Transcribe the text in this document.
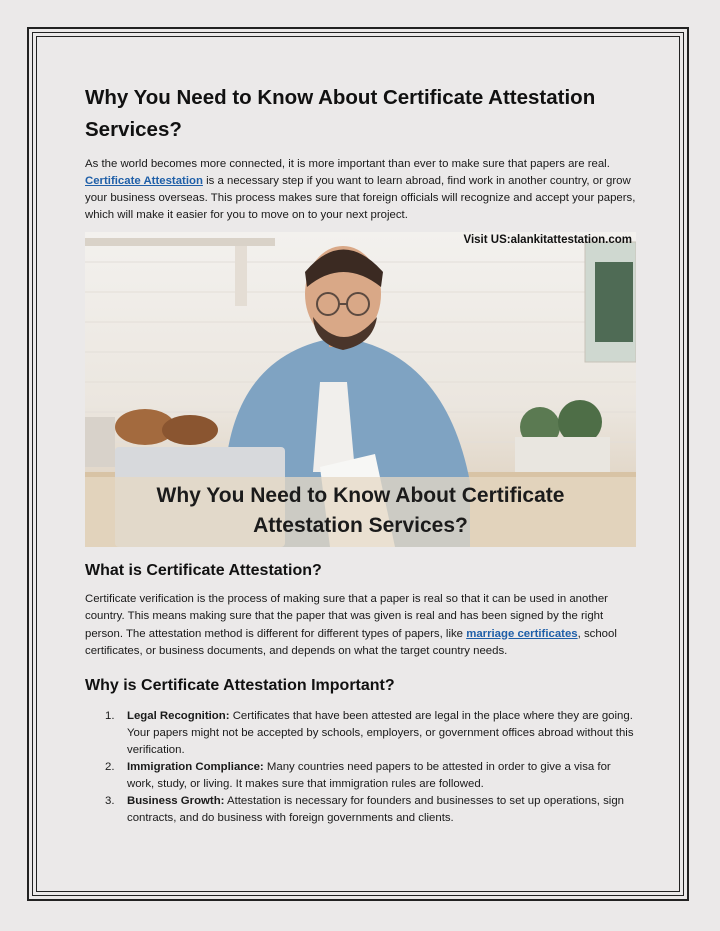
Why You Need to Know About Certificate Attestation Services?

As the world becomes more connected, it is more important than ever to make sure that papers are real. Certificate Attestation is a necessary step if you want to learn abroad, find work in another country, or grow your business overseas. This process makes sure that foreign officials will recognize and accept your papers, which will make it easier for you to move on to your next project.

Visit US:alankitattestation.com
Why You Need to Know About Certificate
Attestation Services?
What is Certificate Attestation?

Certificate verification is the process of making sure that a paper is real so that it can be used in another country. This means making sure that the paper that was given is real and has been signed by the right person. The attestation method is different for different types of papers, like marriage certificates, school certificates, or business documents, and depends on what the target country needs.

Why is Certificate Attestation Important?
1. Legal Recognition: Certificates that have been attested are legal in the place where they are going. Your papers might not be accepted by schools, employers, or government offices abroad without this verification.
2. Immigration Compliance: Many countries need papers to be attested in order to give a visa for work, study, or living. It makes sure that immigration rules are followed.
3. Business Growth: Attestation is necessary for founders and businesses to set up operations, sign contracts, and do business with foreign governments and clients.
